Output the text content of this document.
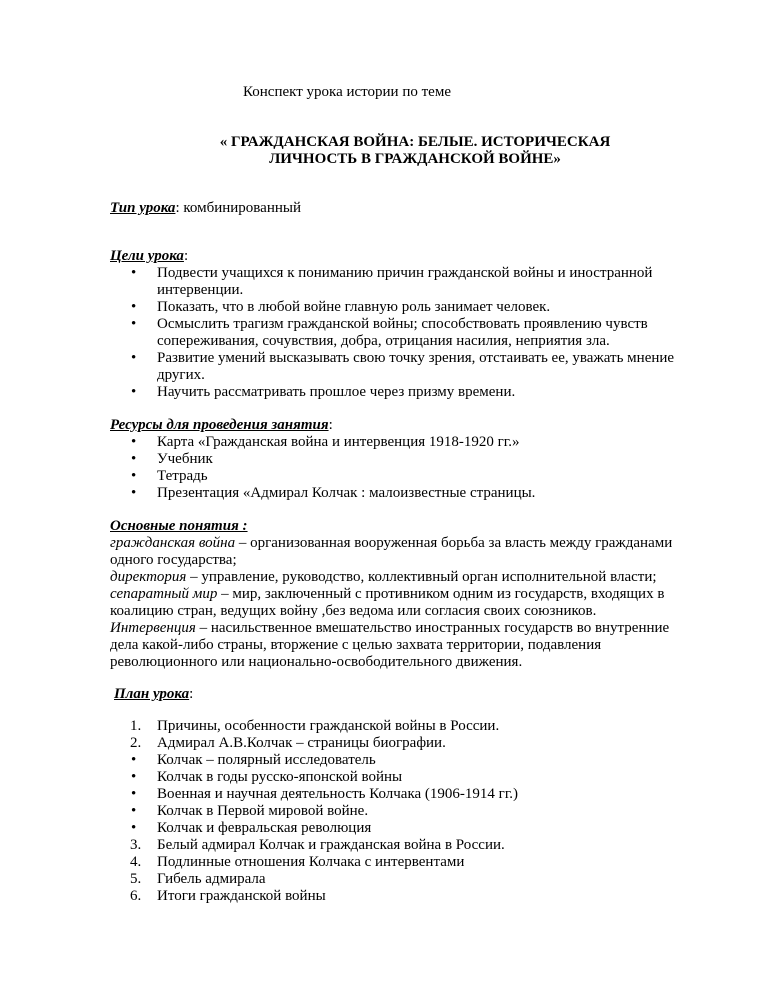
Конспект урока истории по теме
« ГРАЖДАНСКАЯ ВОЙНА: БЕЛЫЕ. ИСТОРИЧЕСКАЯ
ЛИЧНОСТЬ В ГРАЖДАНСКОЙ ВОЙНЕ»
Тип урока: комбинированный
Цели урока:
• Подвести учащихся к пониманию причин гражданской войны и иностранной
интервенции.
• Показать, что в любой войне главную роль занимает человек.
• Осмыслить трагизм гражданской войны; способствовать проявлению чувств
сопереживания, сочувствия, добра, отрицания насилия, неприятия зла.
• Развитие умений высказывать свою точку зрения, отстаивать ее, уважать мнение
других.
• Научить рассматривать прошлое через призму времени.
Ресурсы для проведения занятия:
• Карта «Гражданская война и интервенция 1918-1920 гг.»
• Учебник
• Тетрадь
• Презентация «Адмирал Колчак : малоизвестные страницы.
Основные понятия :
гражданская война – организованная вооруженная борьба за власть между гражданами
одного государства;
директория – управление, руководство, коллективный орган исполнительной власти;
сепаратный мир – мир, заключенный с противником одним из государств, входящих в
коалицию стран, ведущих войну ,без ведома или согласия своих союзников.
Интервенция – насильственное вмешательство иностранных государств во внутренние
дела какой-либо страны, вторжение с целью захвата территории, подавления
революционного или национально-освободительного движения.
План урока:
1. Причины, особенности гражданской войны в России.
2. Адмирал А.В.Колчак – страницы биографии.
• Колчак – полярный исследователь
• Колчак в годы русско-японской войны
• Военная и научная деятельность Колчака (1906-1914 гг.)
• Колчак в Первой мировой войне.
• Колчак и февральская революция
3. Белый адмирал Колчак и гражданская война в России.
4. Подлинные отношения Колчака с интервентами
5. Гибель адмирала
6. Итоги гражданской войны
